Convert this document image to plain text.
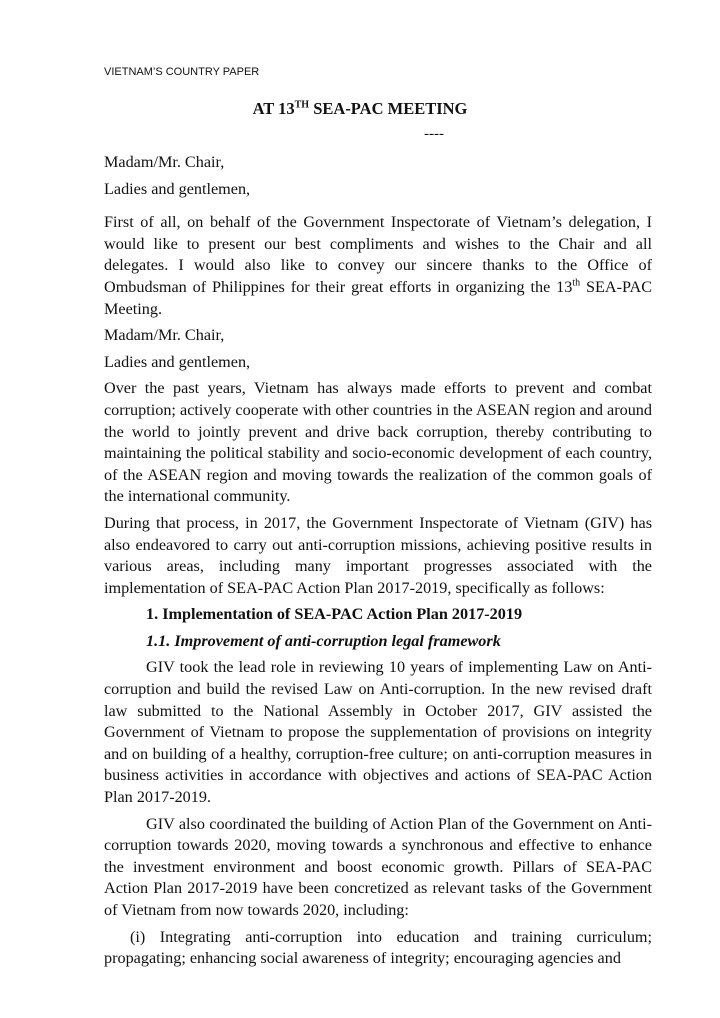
VIETNAM’S COUNTRY PAPER
AT 13TH SEA-PAC MEETING
----

Madam/Mr. Chair,

Ladies and gentlemen,

First of all, on behalf of the Government Inspectorate of Vietnam’s delegation, I would like to present our best compliments and wishes to the Chair and all delegates. I would also like to convey our sincere thanks to the Office of Ombudsman of Philippines for their great efforts in organizing the 13th SEA-PAC Meeting.

Madam/Mr. Chair,

Ladies and gentlemen,

Over the past years, Vietnam has always made efforts to prevent and combat corruption; actively cooperate with other countries in the ASEAN region and around the world to jointly prevent and drive back corruption, thereby contributing to maintaining the political stability and socio-economic development of each country, of the ASEAN region and moving towards the realization of the common goals of the international community.

During that process, in 2017, the Government Inspectorate of Vietnam (GIV) has also endeavored to carry out anti-corruption missions, achieving positive results in various areas, including many important progresses associated with the implementation of SEA-PAC Action Plan 2017-2019, specifically as follows:

1. Implementation of SEA-PAC Action Plan 2017-2019

1.1. Improvement of anti-corruption legal framework

GIV took the lead role in reviewing 10 years of implementing Law on Anti-corruption and build the revised Law on Anti-corruption. In the new revised draft law submitted to the National Assembly in October 2017, GIV assisted the Government of Vietnam to propose the supplementation of provisions on integrity and on building of a healthy, corruption-free culture; on anti-corruption measures in business activities in accordance with objectives and actions of SEA-PAC Action Plan 2017-2019.

GIV also coordinated the building of Action Plan of the Government on Anti-corruption towards 2020, moving towards a synchronous and effective to enhance the investment environment and boost economic growth. Pillars of SEA-PAC Action Plan 2017-2019 have been concretized as relevant tasks of the Government of Vietnam from now towards 2020, including:

(i) Integrating anti-corruption into education and training curriculum; propagating; enhancing social awareness of integrity; encouraging agencies and
